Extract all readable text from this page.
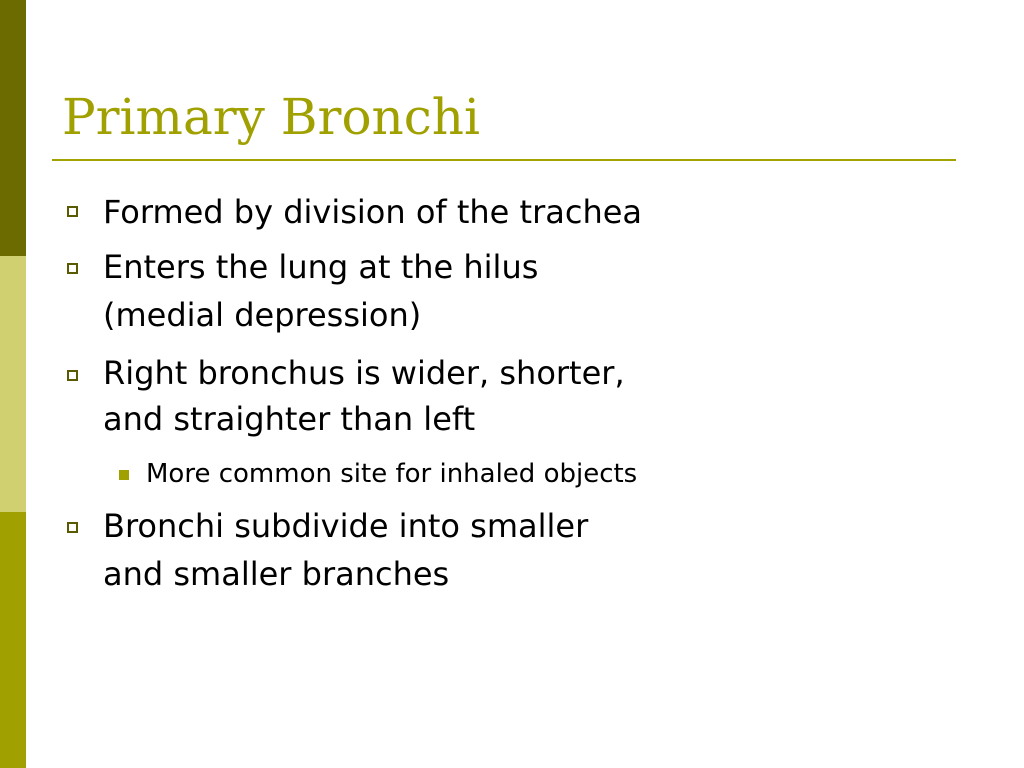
Primary Bronchi
Formed by division of the trachea
Enters the lung at the hilus
(medial depression)
Right bronchus is wider, shorter,
and straighter than left
More common site for inhaled objects
Bronchi subdivide into smaller
and smaller branches
